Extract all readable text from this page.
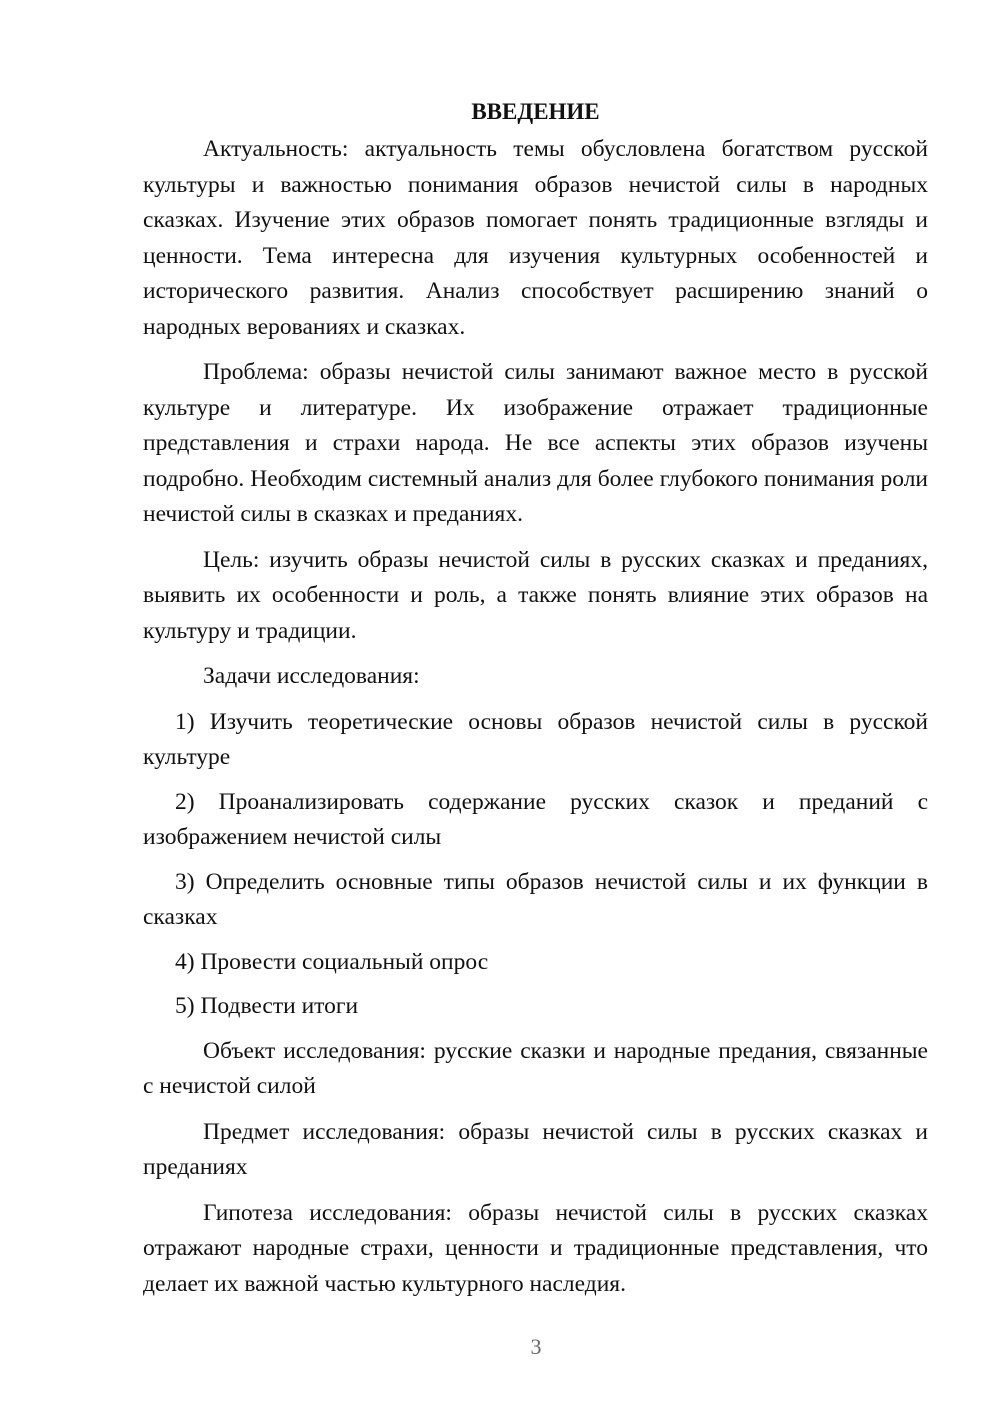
ВВЕДЕНИЕ

Актуальность: актуальность темы обусловлена богатством русской культуры и важностью понимания образов нечистой силы в народных сказках. Изучение этих образов помогает понять традиционные взгляды и ценности. Тема интересна для изучения культурных особенностей и исторического развития. Анализ способствует расширению знаний о народных верованиях и сказках.

Проблема: образы нечистой силы занимают важное место в русской культуре и литературе. Их изображение отражает традиционные представления и страхи народа. Не все аспекты этих образов изучены подробно. Необходим системный анализ для более глубокого понимания роли нечистой силы в сказках и преданиях.

Цель: изучить образы нечистой силы в русских сказках и преданиях, выявить их особенности и роль, а также понять влияние этих образов на культуру и традиции.

Задачи исследования:

1) Изучить теоретические основы образов нечистой силы в русской культуре

2) Проанализировать содержание русских сказок и преданий с изображением нечистой силы

3) Определить основные типы образов нечистой силы и их функции в сказках

4) Провести социальный опрос

5) Подвести итоги

Объект исследования: русские сказки и народные предания, связанные с нечистой силой

Предмет исследования: образы нечистой силы в русских сказках и преданиях

Гипотеза исследования: образы нечистой силы в русских сказках отражают народные страхи, ценности и традиционные представления, что делает их важной частью культурного наследия.

3
